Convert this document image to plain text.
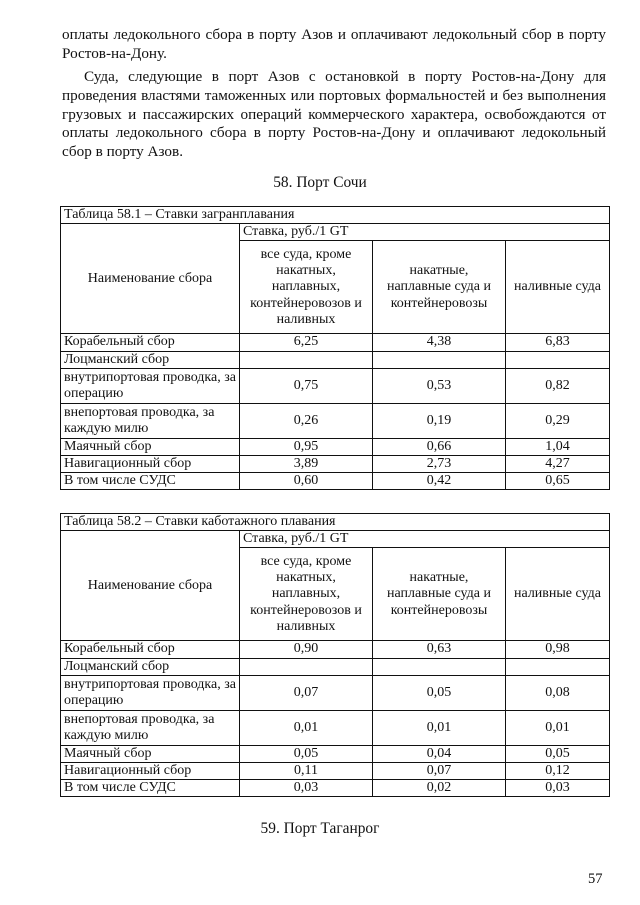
оплаты ледокольного сбора в порту Азов и оплачивают ледокольный сбор в порту Ростов-на-Дону.

Суда, следующие в порт Азов с остановкой в порту Ростов-на-Дону для проведения властями таможенных или портовых формальностей и без выполнения грузовых и пассажирских операций коммерческого характера, освобождаются от оплаты ледокольного сбора в порту Ростов-на-Дону и оплачивают ледокольный сбор в порту Азов.

58. Порт Сочи

Таблица 58.1 – Ставки загранплавания			
Наименование сбора	Ставка, руб./1 GT		
	все суда, кроме накатных, наплавных, контейнеровозов и наливных	накатные, наплавные суда и контейнеровозы	наливные суда
Корабельный сбор	6,25	4,38	6,83
Лоцманский сбор			
внутрипортовая проводка, за операцию	0,75	0,53	0,82
внепортовая проводка, за каждую милю	0,26	0,19	0,29
Маячный сбор	0,95	0,66	1,04
Навигационный сбор	3,89	2,73	4,27
В том числе СУДС	0,60	0,42	0,65
Таблица 58.2 – Ставки каботажного плавания			
Наименование сбора	Ставка, руб./1 GT		
	все суда, кроме накатных, наплавных, контейнеровозов и наливных	накатные, наплавные суда и контейнеровозы	наливные суда
Корабельный сбор	0,90	0,63	0,98
Лоцманский сбор			
внутрипортовая проводка, за операцию	0,07	0,05	0,08
внепортовая проводка, за каждую милю	0,01	0,01	0,01
Маячный сбор	0,05	0,04	0,05
Навигационный сбор	0,11	0,07	0,12
В том числе СУДС	0,03	0,02	0,03

59. Порт Таганрог

57
